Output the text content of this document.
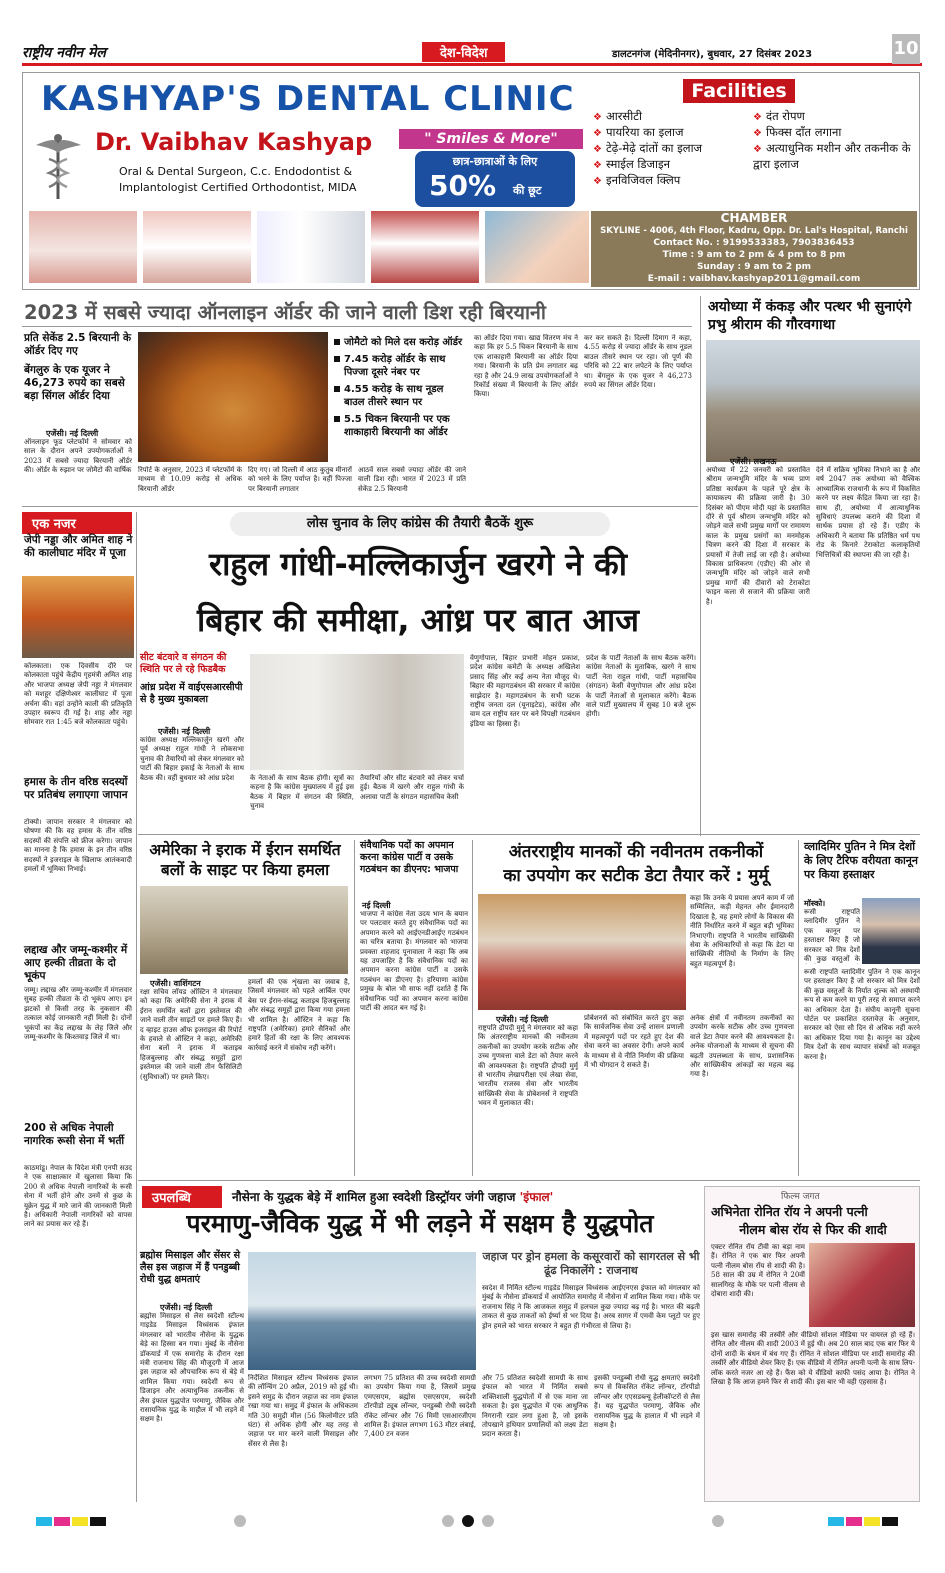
राष्ट्रीय नवीन मेल	देश-विदेश	डालटनगंज (मेदिनीनगर), बुधवार, 27 दिसंबर 2023	10
KASHYAP'S DENTAL CLINIC
Dr. Vaibhav Kashyap	" Smiles & More"
Oral & Dental Surgeon, C.c. Endodontist &
Implantologist Certified Orthodontist, MIDA
छात्र-छात्राओं के लिए
50% की छूट
Facilities
❖ आरसीटी
❖ पायरिया का इलाज
❖ टेढ़े-मेढ़े दांतों का इलाज
❖ स्माईल डिजाइन
❖ इनविजिवल क्लिप
❖ दंत रोपण
❖ फिक्स दाँत लगाना
❖ अत्याधुनिक मशीन और तकनीक के द्वारा इलाज
CHAMBER
SKYLINE - 4006, 4th Floor, Kadru, Opp. Dr. Lal's Hospital, Ranchi
Contact No. : 9199533383, 7903836453
Time : 9 am to 2 pm & 4 pm to 8 pm
Sunday : 9 am to 2 pm
E-mail : vaibhav.kashyap2011@gmail.com
2023 में सबसे ज्यादा ऑनलाइन ऑर्डर की जाने वाली डिश रही बिरयानी
प्रति सेकेंड 2.5 बिरयानी के ऑर्डर दिए गए
बेंगलुरु के एक यूजर ने 46,273 रुपये का सबसे बड़ा सिंगल ऑर्डर दिया
एजेंसी। नई दिल्ली
ऑनलाइन फूड प्लेटफॉर्म ने सोमवार को साल के दौरान अपने उपयोगकर्ताओं ने 2023 में सबसे ज्यादा बिरयानी ऑर्डर की। ऑर्डर के रुझान पर जोमैटो की वार्षिक
जोमैटो को मिले दस करोड़ ऑर्डर
7.45 करोड़ ऑर्डर के साथ पिज्जा दूसरे नंबर पर
4.55 करोड़ के साथ नूडल बाउल तीसरे स्थान पर
5.5 चिकन बिरयानी पर एक शाकाहारी बिरयानी का ऑर्डर
रिपोर्ट के अनुसार, 2023 में प्लेटफॉर्म के माध्यम से 10.09 करोड़ से अधिक बिरयानी ऑर्डर
दिए गए। जो दिल्ली में आठ कुतुब मीनारों को भरने के लिए पर्याप्त है। वहीं पिज्जा पर बिरयानी लगातार
आठवें साल सबसे ज्यादा ऑर्डर की जाने वाली डिश रही। भारत में 2023 में प्रति सेकेंड 2.5 बिरयानी
का ऑर्डर दिया गया। खाद्य वितरण मंच ने कहा कि हर 5.5 चिकन बिरयानी के साथ एक शाकाहारी बिरयानी का ऑर्डर दिया गया। बिरयानी के प्रति प्रेम लगातार बढ़ रहा है और 24.9 लाख उपयोगकर्ताओं ने रिकॉर्ड संख्या में बिरयानी के लिए ऑर्डर किया।
कर कर सकते है। दिल्ली दिमाग ने कहा, 4.55 करोड़ से ज्यादा ऑर्डर के साथ नूडल बाउल तीसरे स्थान पर रहा। जो पूर्ण की परिधि को 22 बार लपेटने के लिए पर्याप्त था। बेंगलुरु के एक यूजर ने 46,273 रुपये का सिंगल ऑर्डर दिया।
अयोध्या में कंकड़ और पत्थर भी सुनाएंगे प्रभु श्रीराम की गौरवगाथा
एजेंसी। लखनऊ
अयोध्या में 22 जनवरी को प्रस्तावित श्रीराम जन्मभूमि मंदिर के भव्य प्राण प्रतिष्ठा कार्यक्रम के पहले पूरे क्षेत्र के कायाकल्प की प्रक्रिया जारी है। 30 दिसंबर को पीएम मोदी यहां के प्रस्तावित दौरे से पूर्व श्रीराम जन्मभूमि मंदिर को जोड़ने वाले सभी प्रमुख मार्गों पर रामायण काल के प्रमुख प्रसंगों का मनमोहक चित्रण करने की दिशा में सरकार के प्रयासों में तेजी लाई जा रही है। अयोध्या विकास प्राधिकरण (एडीए) की ओर से जन्मभूमि मंदिर को जोड़ने वाले सभी प्रमुख मार्गों की दीवारों को टेराकोटा फाइन कला से सजाने की प्रक्रिया जारी है।
देने में सक्रिय भूमिका निभाने का है और वर्ष 2047 तक अयोध्या को वैश्विक आध्यात्मिक राजधानी के रूप में विकसित करने पर लक्ष्य केंद्रित किया जा रहा है। साथ ही, अयोध्या में आत्याधुनिक सुविधाएं उपलब्ध कराने की दिशा में सार्थक प्रयास हो रहे हैं। एडीए के अधिकारी ने बताया कि प्रतिष्ठित धर्म पथ रोड के किनारे टेराकोटा कलाकृतियों भित्तिचित्रों की स्थापना की जा रही है।
एक नजर
जेपी नड्डा और अमित शाह ने की कालीघाट मंदिर में पूजा
कोलकाता। एक दिवसीय दौरे पर कोलकाता पहुंचे केंद्रीय गृहमंत्री अमित शाह और भाजपा अध्यक्ष जेपी नड्डा ने मंगलवार को मशहूर दक्षिणेश्वर कालीघाट में पूजा अर्चना की। वहां उन्होंने काली की प्रतिकृति उपहार स्वरूप दी गई है। शाह और नड्डा सोमवार रात 1:45 बजे कोलकाता पहुंचे।
हमास के तीन वरिष्ठ सदस्यों पर प्रतिबंध लगाएगा जापान
टोक्यो। जापान सरकार ने मंगलवार को घोषणा की कि वह हमास के तीन वरिष्ठ सदस्यों की संपत्ति को फ्रीज करेगा। जापान का मानना है कि हमास के इन तीन वरिष्ठ सदस्यों ने इजराइल के खिलाफ आतंकवादी हमलों में भूमिका निभाई।
लद्दाख और जम्मू-कश्मीर में आए हल्की तीव्रता के दो भूकंप
जम्मू। लद्दाख और जम्मू-कश्मीर में मंगलवार सुबह हल्की तीव्रता के दो भूकंप आए। इन झटकों से किसी तरह के नुकसान की तत्काल कोई जानकारी नहीं मिली है। दोनों भूकंपों का केंद्र लद्दाख के लेह जिले और जम्मू-कश्मीर के किश्तवाड़ जिले में था।
200 से अधिक नेपाली नागरिक रूसी सेना में भर्ती
काठमांडू। नेपाल के विदेश मंत्री एनपी सउद ने एक साक्षात्कार में खुलासा किया कि 200 से अधिक नेपाली नागरिकों के रूसी सेना में भर्ती होने और उनमें से कुछ के यूक्रेन युद्ध में मारे जाने की जानकारी मिली है। अधिकारी नेपाली नागरिकों को वापस लाने का प्रयास कर रहे हैं।
लोस चुनाव के लिए कांग्रेस की तैयारी बैठकें शुरू
राहुल गांधी-मल्लिकार्जुन खरगे ने की
बिहार की समीक्षा, आंध्र पर बात आज
सीट बंटवारे व संगठन की स्थिति पर ले रहे फिडबैक
आंध्र प्रदेश में वाईएसआरसीपी से है मुख्य मुकाबला
एजेंसी। नई दिल्ली
कांग्रेस अध्यक्ष मल्लिकार्जुन खरगे और पूर्व अध्यक्ष राहुल गांधी ने लोकसभा चुनाव की तैयारियों को लेकर मंगलवार को पार्टी की बिहार इकाई के नेताओं के साथ बैठक की। वहीं बुधवार को आंध्र प्रदेश	के नेताओं के साथ बैठक होगी। सूत्रों का कहना है कि कांग्रेस मुख्यालय में हुई इस बैठक में बिहार में संगठन की स्थिति, चुनाव
तैयारियों और सीट बंटवारे को लेकर चर्चा हुई। बैठक में खरगे और राहुल गांधी के अलावा पार्टी के संगठन महासचिव केसी
वेणुगोपाल, बिहार प्रभारी मोहन प्रकाश, प्रदेश कांग्रेस कमेटी के अध्यक्ष अखिलेश प्रसाद सिंह और कई अन्य नेता मौजूद थे। बिहार की महागठबंधन की सरकार में कांग्रेस साझेदार है। महागठबंधन के सभी घटक राष्ट्रीय जनता दल (यूनाइटेड), कांग्रेस और वाम दल राष्ट्रीय स्तर पर बने विपक्षी गठबंधन इंडिया का हिस्सा हैं।
प्रदेश के पार्टी नेताओं के साथ बैठक करेंगे। कांग्रेस नेताओं के मुताबिक, खरगे ने साथ पार्टी नेता राहुल गांधी, पार्टी महासचिव (संगठन) केसी वेणुगोपाल और आंध्र प्रदेश के पार्टी नेताओं से मुलाकात करेंगे। बैठक वाले पार्टी मुख्यालय में सुबह 10 बजे शुरू होगी।
अमेरिका ने इराक में ईरान समर्थित बलों के साइट पर किया हमला
एजेंसी। वाशिंगटन
रक्षा सचिव लॉयड ऑस्टिन ने मंगलवार को कहा कि अमेरिकी सेना ने इराक में ईरान समर्थित बलों द्वारा इस्तेमाल की जाने वाली तीन साइटों पर हमले किए हैं। द व्हाइट हाउस ऑफ इजराइल की रिपोर्ट के हवाले से ऑस्टिन ने कहा, अमेरिकी सेना बलों ने इराक में कताइब हिजबुल्लाह और संबद्ध समूहों द्वारा इस्तेमाल की जाने वाली तीन फैसिलिटी (सुविधाओं) पर हमले किए।
हमलों की एक शृंखला का जवाब है, जिसमें मंगलवार को पहले आर्बिल एयर बेस पर ईरान-संबद्ध कताइब हिजबुल्लाह और संबद्ध समूहों द्वारा किया गया हमला भी शामिल है। ऑस्टिन ने कहा कि राष्ट्रपति (अमेरिका) हमारे सैनिकों और हमारे हितों की रक्षा के लिए आवश्यक कार्रवाई करने में संकोच नहीं करेंगे।
संवैधानिक पदों का अपमान करना कांग्रेस पार्टी व उसके गठबंधन का डीएनए: भाजपा
नई दिल्ली
भाजपा ने कांग्रेस नेता उदय भान के बयान पर पलटवार करते हुए संवैधानिक पदों का अपमान करने को आईएनडीआईए गठबंधन का चरित्र बताया है। मंगलवार को भाजपा प्रवक्ता शहजाद पूनावाला ने कहा कि अब यह उपजाहिर है कि संवैधानिक पदों का अपमान करना कांग्रेस पार्टी व उसके गठबंधन का डीएनए है। हरियाणा कांग्रेस प्रमुख के बोल भी साफ नहीं दर्शाते हैं कि संवैधानिक पदों का अपमान करना कांग्रेस पार्टी की आदत बन गई है।
अंतरराष्ट्रीय मानकों की नवीनतम तकनीकों
का उपयोग कर सटीक डेटा तैयार करें : मुर्मू
कहा कि उनके ये प्रयास अपने काम में जो सम्मिलित, कड़ी मेहनत और ईमानदारी दिखाता है, वह हमारे लोगों के विकास की नीति निर्धारित करने में बहुत बड़ी भूमिका निभाएगी। राष्ट्रपति ने भारतीय सांख्यिकी सेवा के अधिकारियों से कहा कि डेटा या सांख्यिकी नीतियों के निर्माण के लिए बहुत महत्वपूर्ण है।
एजेंसी। नई दिल्ली
राष्ट्रपति द्रौपदी मुर्मू ने मंगलवार को कहा कि अंतरराष्ट्रीय मानकों की नवीनतम तकनीकों का उपयोग करके सटीक और उच्च गुणवत्ता वाले डेटा को तैयार करने की आवश्यकता है। राष्ट्रपति द्रौपदी मुर्मू से भारतीय लेखापरीक्षा एवं लेखा सेवा, भारतीय राजस्व सेवा और भारतीय सांख्यिकी सेवा के प्रोबेशनर्स ने राष्ट्रपति भवन में मुलाकात की।
प्रोबेशनर्स को संबोधित करते हुए कहा कि सार्वजनिक सेवा उन्हें शासन प्रणाली में महत्वपूर्ण पदों पर रहते हुए देश की सेवा करने का अवसर देगी। अपने कार्य के माध्यम से वे नीति निर्माण की प्रक्रिया में भी योगदान दे सकते हैं।
अनेक क्षेत्रों में नवीनतम तकनीकों का उपयोग करके सटीक और उच्च गुणवत्ता वाले डेटा तैयार करने की आवश्यकता है। अनेक योजनाओं के माध्यम से सूचना की बढ़ती उपलब्धता के साथ, प्रशासनिक और सांख्यिकीय आंकड़ों का महत्व बढ़ गया है।
व्लादिमिर पुतिन ने मित्र देशों के लिए टैरिफ वरीयता कानून पर किया हस्ताक्षर
मॉस्को।
रूसी राष्ट्रपति व्लादिमीर पुतिन ने एक कानून पर हस्ताक्षर किए हैं जो सरकार को मित्र देशों की कुछ वस्तुओं के
रूसी राष्ट्रपति व्लादिमीर पुतिन ने एक कानून पर हस्ताक्षर किए हैं जो सरकार को मित्र देशों की कुछ वस्तुओं के निर्यात शुल्क को अस्थायी रूप से कम करने या पूरी तरह से समाप्त करने का अधिकार देता है। संघीय कानूनी सूचना पोर्टल पर प्रकाशित दस्तावेज़ के अनुसार, सरकार को ऐसा सौ दिन से अधिक नहीं करने का अधिकार दिया गया है। कानून का उद्देश्य मित्र देशों के साथ व्यापार संबंधों को मजबूत करना है।
उपलब्धि	नौसेना के युद्धक बेड़े में शामिल हुआ स्वदेशी डिस्ट्रॉयर जंगी जहाज 'इंफाल'
परमाणु-जैविक युद्ध में भी लड़ने में सक्षम है युद्धपोत
ब्रह्मोस मिसाइल और सेंसर से लैस इस जहाज में हैं पनडुब्बी रोधी युद्ध क्षमताएं
एजेंसी। नई दिल्ली
ब्रह्मोस मिसाइल से लैस स्वदेशी स्टील्थ गाइडेड मिसाइल विध्वंसक इंफाल मंगलवार को भारतीय नौसेना के युद्धक बेड़े का हिस्सा बन गया। मुंबई के नौसेना डॉकयार्ड में एक समारोह के दौरान रक्षा मंत्री राजनाथ सिंह की मौजूदगी में आज इस जहाज को औपचारिक रूप से बेड़े में शामिल किया गया। स्वदेशी रूप से डिजाइन और अत्याधुनिक तकनीक से लैस इंफाल युद्धपोत परमाणु, जैविक और रासायनिक युद्ध के माहौल में भी लड़ने में सक्षम है।
निर्देशित मिसाइल स्टील्थ विध्वंसक इंफाल की लॉन्चिंग 20 अप्रैल, 2019 को हुई थी। इसने समुद्र के दौरान जहाज का नाम इंफाल रखा गया था। समुद्र में इंफाल के अधिकतम गति 30 समुद्री मील (56 किलोमीटर प्रति घंटा) से अधिक होगी और यह तरह से जहाज पर मार करने वाली मिसाइल और सेंसर से लैस है।
लगभग 75 प्रतिशत की उच्च स्वदेशी सामग्री का उपयोग किया गया है, जिसमें प्रमुख एमएसएम, ब्रह्मोस एसएसएम, स्वदेशी टॉरपीडो ट्यूब लॉन्चर, पनडुब्बी रोधी स्वदेशी रॉकेट लॉन्चर और 76 मिमी एसआरजीएम शामिल हैं। इंफाल लगभग 163 मीटर लंबाई, 7,400 टन वजन
जहाज पर ड्रोन हमला के कसूरवारों को सागरतल से भी ढूंढ निकालेंगे : राजनाथ
स्वदेश में निर्मित स्टील्थ गाइडेड मिसाइल विध्वंसक आईएनएस इंफाल को मंगलवार को मुंबई के नौसेना डॉकयार्ड में आयोजित समारोह में नौसेना में शामिल किया गया। मौके पर राजनाथ सिंह ने कि आजकल समुद्र में हलचल कुछ ज्यादा बढ़ गई है। भारत की बढ़ती ताकत से कुछ ताकतों को ईर्ष्या से भर दिया है। अरब सागर में एमवी केम प्लूटो पर हुए ड्रोन हमले को भारत सरकार ने बहुत ही गंभीरता से लिया है।
और 75 प्रतिशत स्वदेशी सामग्री के साथ इंफाल को भारत में निर्मित सबसे शक्तिशाली युद्धपोतों में से एक माना जा सकता है। इस युद्धपोत में एक आधुनिक निगरानी रडार लगा हुआ है, जो इसके तोपखाने हथियार प्रणालियों को लक्ष्य डेटा प्रदान करता है।
इसकी पनडुब्बी रोधी युद्ध क्षमताएं स्वदेशी रूप से विकसित रॉकेट लॉन्चर, टॉरपीडो लॉन्चर और एएसडब्ल्यू हेलीकॉप्टरों से लैस हैं। यह युद्धपोत परमाणु, जैविक और रासायनिक युद्ध के हालात में भी लड़ने में सक्षम है।
फिल्म जगत
अभिनेता रोनित रॉय ने अपनी पत्नी
नीलम बोस रॉय से फिर की शादी
एक्टर रोनित रॉय टीवी का बड़ा नाम हैं। रोनित ने एक बार फिर अपनी पत्नी नीलम बोस रॉय से शादी की है। 58 साल की उम्र में रोनित ने 20वीं सालगिरह के मौके पर पत्नी नीलम से दोबारा शादी की।
इस खास समारोह की तस्वीरें और वीडियो सोशल मीडिया पर वायरल हो रहे हैं। रोनित और नीलम की शादी 2003 में हुई थी। अब 20 साल बाद एक बार फिर ये दोनों शादी के बंधन में बंध गए हैं। रोनित ने सोशल मीडिया पर शादी समारोह की तस्वीरें और वीडियो शेयर किए हैं। एक वीडियो में रोनित अपनी पत्नी के साथ लिप-लॉक करते नजर आ रहे हैं। फैंस को ये वीडियो काफी पसंद आया है। रोनित ने लिखा है कि आज हमने फिर से शादी की। इस बार भी वही एहसास है।
